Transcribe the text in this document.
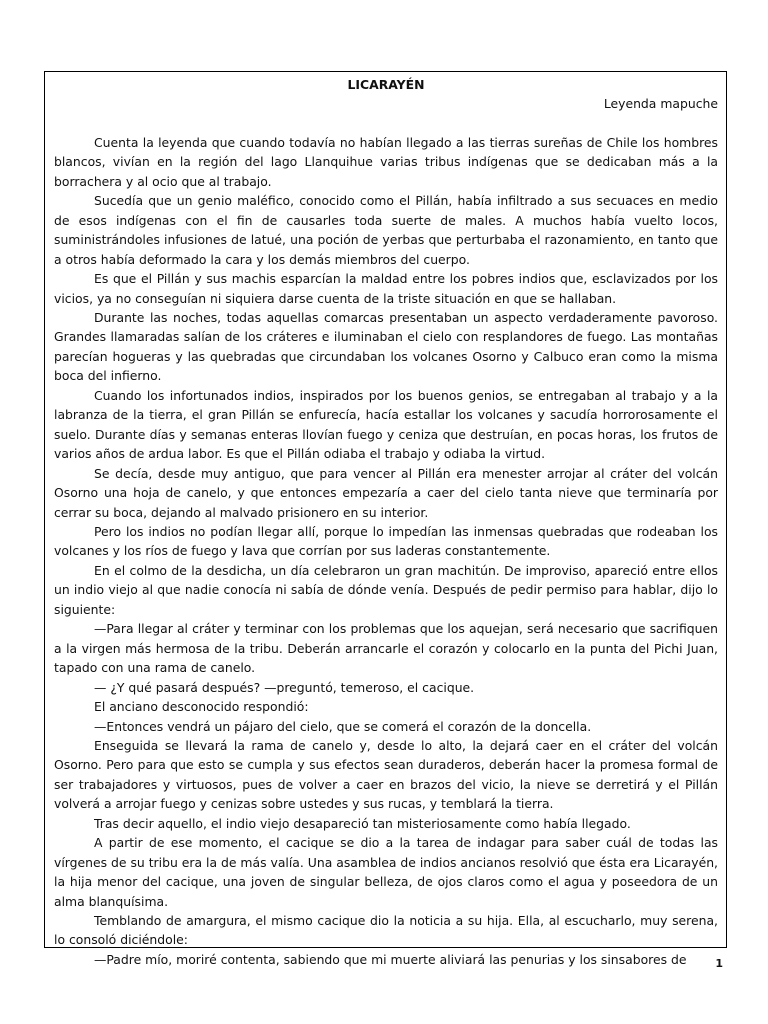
LICARAYÉN

Leyenda mapuche

Cuenta la leyenda que cuando todavía no habían llegado a las tierras sureñas de Chile los hombres blancos, vivían en la región del lago Llanquihue varias tribus indígenas que se dedicaban más a la borrachera y al ocio que al trabajo.

Sucedía que un genio maléfico, conocido como el Pillán, había infiltrado a sus secuaces en medio de esos indígenas con el fin de causarles toda suerte de males. A muchos había vuelto locos, suministrándoles infusiones de latué, una poción de yerbas que perturbaba el razonamiento, en tanto que a otros había deformado la cara y los demás miembros del cuerpo.

Es que el Pillán y sus machis esparcían la maldad entre los pobres indios que, esclavizados por los vicios, ya no conseguían ni siquiera darse cuenta de la triste situación en que se hallaban.

Durante las noches, todas aquellas comarcas presentaban un aspecto verdaderamente pavoroso. Grandes llamaradas salían de los cráteres e iluminaban el cielo con resplandores de fuego. Las montañas parecían hogueras y las quebradas que circundaban los volcanes Osorno y Calbuco eran como la misma boca del infierno.

Cuando los infortunados indios, inspirados por los buenos genios, se entregaban al trabajo y a la labranza de la tierra, el gran Pillán se enfurecía, hacía estallar los volcanes y sacudía horrorosamente el suelo. Durante días y semanas enteras llovían fuego y ceniza que destruían, en pocas horas, los frutos de varios años de ardua labor. Es que el Pillán odiaba el trabajo y odiaba la virtud.

Se decía, desde muy antiguo, que para vencer al Pillán era menester arrojar al cráter del volcán Osorno una hoja de canelo, y que entonces empezaría a caer del cielo tanta nieve que terminaría por cerrar su boca, dejando al malvado prisionero en su interior.

Pero los indios no podían llegar allí, porque lo impedían las inmensas quebradas que rodeaban los volcanes y los ríos de fuego y lava que corrían por sus laderas constantemente.

En el colmo de la desdicha, un día celebraron un gran machitún. De improviso, apareció entre ellos un indio viejo al que nadie conocía ni sabía de dónde venía. Después de pedir permiso para hablar, dijo lo siguiente:

—Para llegar al cráter y terminar con los problemas que los aquejan, será necesario que sacrifiquen a la virgen más hermosa de la tribu. Deberán arrancarle el corazón y colocarlo en la punta del Pichi Juan, tapado con una rama de canelo.

— ¿Y qué pasará después? —preguntó, temeroso, el cacique.

El anciano desconocido respondió:

—Entonces vendrá un pájaro del cielo, que se comerá el corazón de la doncella.

Enseguida se llevará la rama de canelo y, desde lo alto, la dejará caer en el cráter del volcán Osorno. Pero para que esto se cumpla y sus efectos sean duraderos, deberán hacer la promesa formal de ser trabajadores y virtuosos, pues de volver a caer en brazos del vicio, la nieve se derretirá y el Pillán volverá a arrojar fuego y cenizas sobre ustedes y sus rucas, y temblará la tierra.

Tras decir aquello, el indio viejo desapareció tan misteriosamente como había llegado.

A partir de ese momento, el cacique se dio a la tarea de indagar para saber cuál de todas las vírgenes de su tribu era la de más valía. Una asamblea de indios ancianos resolvió que ésta era Licarayén, la hija menor del cacique, una joven de singular belleza, de ojos claros como el agua y poseedora de un alma blanquísima.

Temblando de amargura, el mismo cacique dio la noticia a su hija. Ella, al escucharlo, muy serena, lo consoló diciéndole:

—Padre mío, moriré contenta, sabiendo que mi muerte aliviará las penurias y los sinsabores de	1
